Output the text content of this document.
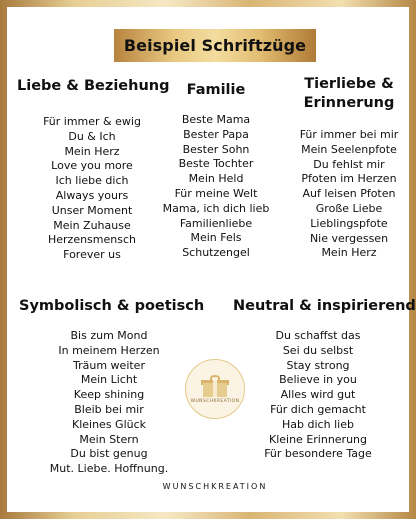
Beispiel Schriftzüge
Liebe & Beziehung
Für immer & ewig
Du & Ich
Mein Herz
Love you more
Ich liebe dich
Always yours
Unser Moment
Mein Zuhause
Herzensmensch
Forever us
Familie
Beste Mama
Bester Papa
Bester Sohn
Beste Tochter
Mein Held
Für meine Welt
Mama, ich dich lieb
Familienliebe
Mein Fels
Schutzengel
Tierliebe &
Erinnerung
Für immer bei mir
Mein Seelenpfote
Du fehlst mir
Pfoten im Herzen
Auf leisen Pfoten
Große Liebe
Lieblingspfote
Nie vergessen
Mein Herz
Symbolisch & poetisch
Bis zum Mond
In meinem Herzen
Träum weiter
Mein Licht
Keep shining
Bleib bei mir
Kleines Glück
Mein Stern
Du bist genug
Mut. Liebe. Hoffnung.
Neutral & inspirierend
Du schaffst das
Sei du selbst
Stay strong
Believe in you
Alles wird gut
Für dich gemacht
Hab dich lieb
Kleine Erinnerung
Für besondere Tage
WUNSCHKREATION
WUNSCHKREATION
